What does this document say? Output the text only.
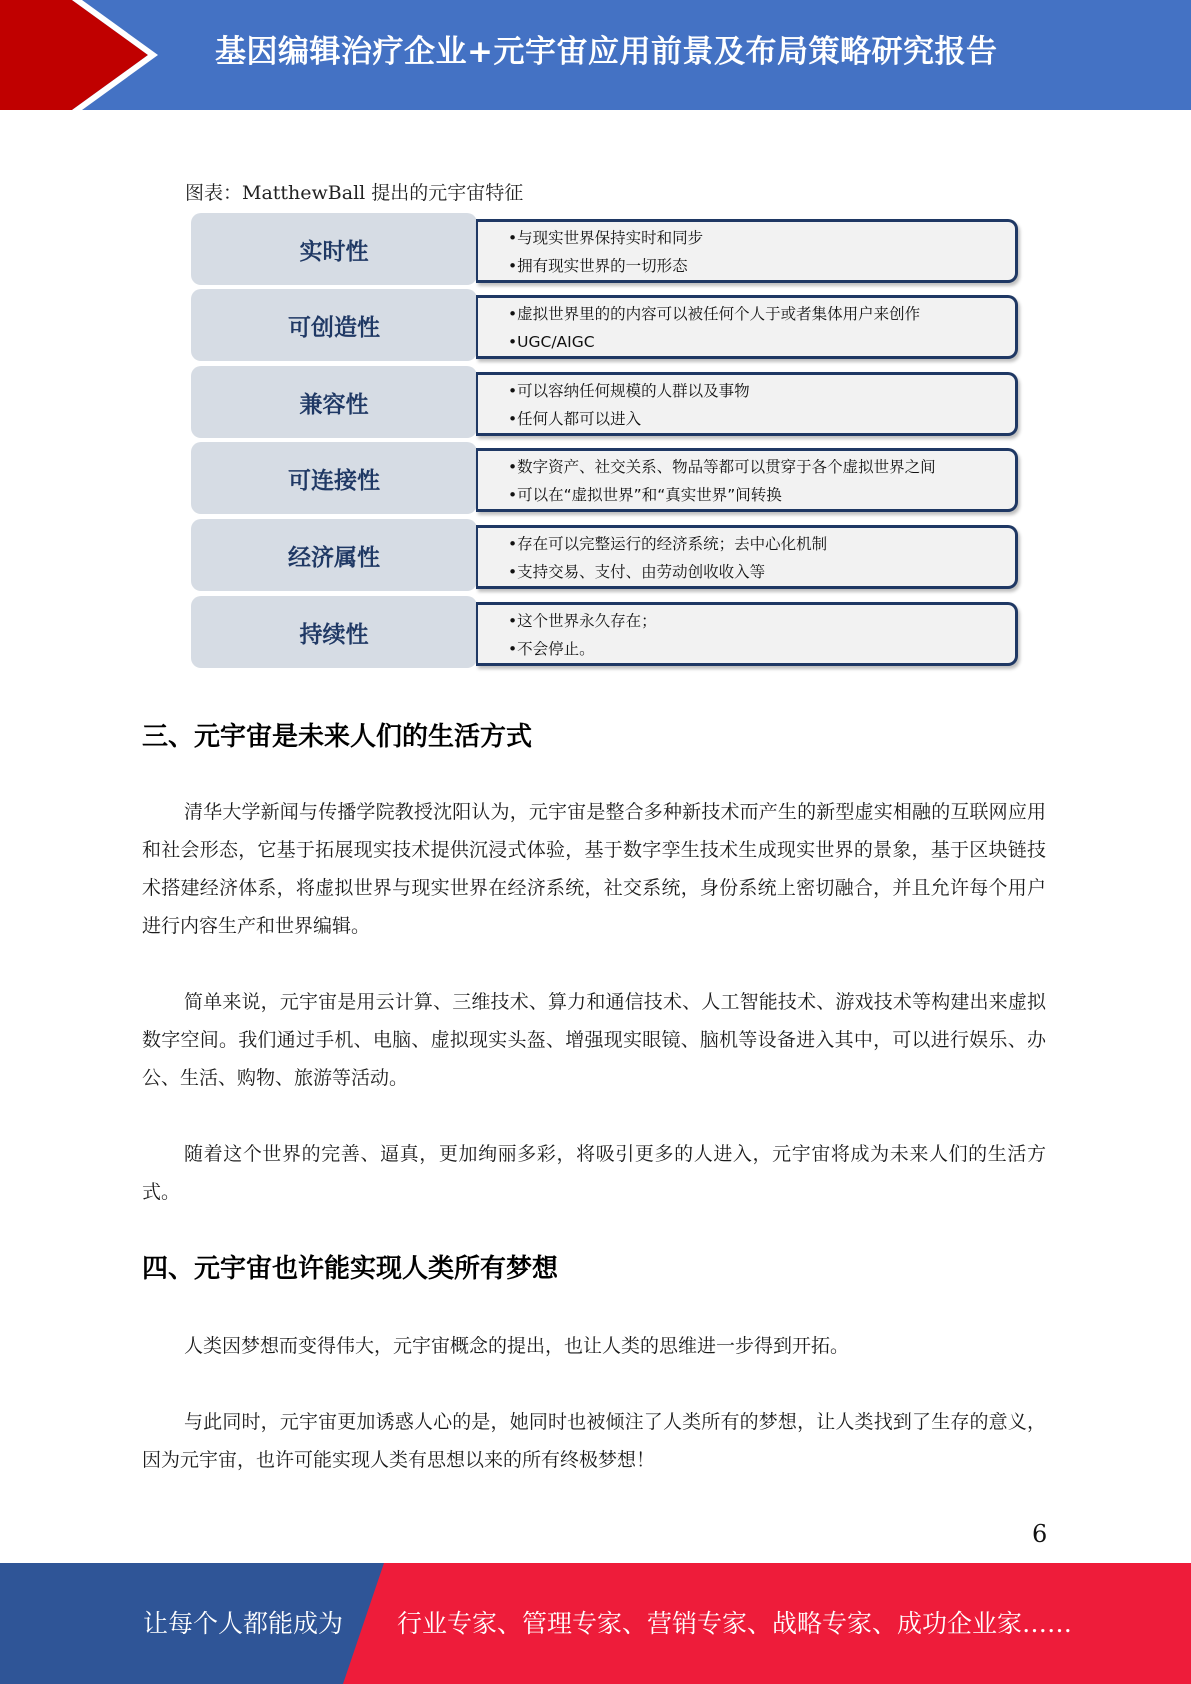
基因编辑治疗企业+元宇宙应用前景及布局策略研究报告
图表：MatthewBall 提出的元宇宙特征
实时性
•与现实世界保持实时和同步
•拥有现实世界的一切形态
可创造性
•虚拟世界里的的内容可以被任何个人于或者集体用户来创作
•UGC/AIGC
兼容性
•可以容纳任何规模的人群以及事物
•任何人都可以进入
可连接性
•数字资产、社交关系、物品等都可以贯穿于各个虚拟世界之间
•可以在“虚拟世界”和“真实世界”间转换
经济属性
•存在可以完整运行的经济系统；去中心化机制
•支持交易、支付、由劳动创收收入等
持续性
•这个世界永久存在；
•不会停止。
三、元宇宙是未来人们的生活方式
清华大学新闻与传播学院教授沈阳认为，元宇宙是整合多种新技术而产生的新型虚实相融的互联网应用和社会形态，它基于拓展现实技术提供沉浸式体验，基于数字孪生技术生成现实世界的景象，基于区块链技术搭建经济体系，将虚拟世界与现实世界在经济系统，社交系统，身份系统上密切融合，并且允许每个用户进行内容生产和世界编辑。
简单来说，元宇宙是用云计算、三维技术、算力和通信技术、人工智能技术、游戏技术等构建出来虚拟数字空间。我们通过手机、电脑、虚拟现实头盔、增强现实眼镜、脑机等设备进入其中，可以进行娱乐、办公、生活、购物、旅游等活动。
随着这个世界的完善、逼真，更加绚丽多彩，将吸引更多的人进入，元宇宙将成为未来人们的生活方式。
四、元宇宙也许能实现人类所有梦想
人类因梦想而变得伟大，元宇宙概念的提出，也让人类的思维进一步得到开拓。
与此同时，元宇宙更加诱惑人心的是，她同时也被倾注了人类所有的梦想，让人类找到了生存的意义，因为元宇宙，也许可能实现人类有思想以来的所有终极梦想！
6
让每个人都能成为 行业专家、管理专家、营销专家、战略专家、成功企业家……
